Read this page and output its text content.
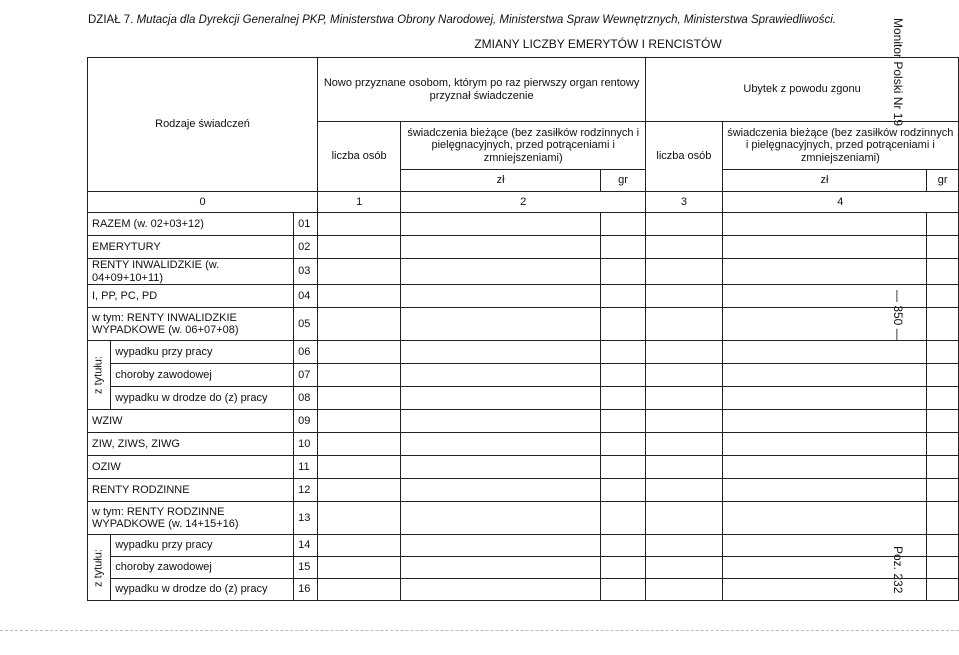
DZIAŁ 7. Mutacja dla Dyrekcji Generalnej PKP, Ministerstwa Obrony Narodowej, Ministerstwa Spraw Wewnętrznych, Ministerstwa Sprawiedliwości.
ZMIANY LICZBY EMERYTÓW I RENCISTÓW	Monitor Polski Nr 19
— 350 —
Poz. 232
Rodzaje świadczeń			Nowo przyznane osobom, którym po raz pierwszy organ rentowy przyznał świadczenie			Ubytek z powodu zgonu		
			liczba osób	świadczenia bieżące (bez zasiłków rodzinnych i pielęgnacyjnych, przed potrąceniami i zmniejszeniami)		liczba osób	świadczenia bieżące (bez zasiłków rodzinnych i pielęgnacyjnych, przed potrąceniami i zmniejszeniami)	
				zł	gr		zł	gr
0			1	2		3	4	
RAZEM (w. 02+03+12)		01						
EMERYTURY		02						
RENTY INWALIDZKIE (w. 04+09+10+11)		03						
I, PP, PC, PD		04						
w tym: RENTY INWALIDZKIE WYPADKOWE (w. 06+07+08)		05						

z tytułu:	wypadku przy pracy	06						
	choroby zawodowej	07						
	wypadku w drodze do (z) pracy	08						
WZIW		09						
ZIW, ZIWS, ZIWG		10						
OZIW		11						
RENTY RODZINNE		12						
w tym: RENTY RODZINNE WYPADKOWE (w. 14+15+16)		13						

z tytułu:	wypadku przy pracy	14						
	choroby zawodowej	15						
	wypadku w drodze do (z) pracy	16						
